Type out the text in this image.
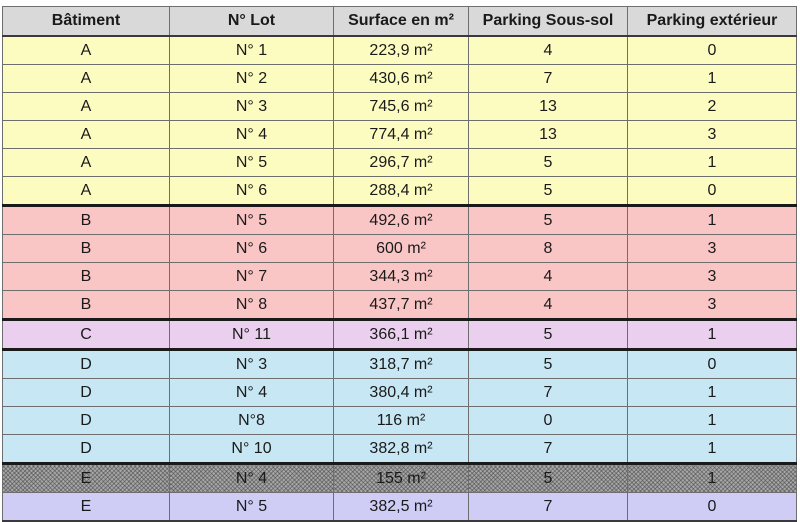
Bâtiment	N° Lot	Surface en m²	Parking Sous-sol	Parking extérieur
A	N° 1	223,9 m²	4	0
A	N° 2	430,6 m²	7	1
A	N° 3	745,6 m²	13	2
A	N° 4	774,4 m²	13	3
A	N° 5	296,7 m²	5	1
A	N° 6	288,4 m²	5	0
B	N° 5	492,6 m²	5	1
B	N° 6	600 m²	8	3
B	N° 7	344,3 m²	4	3
B	N° 8	437,7 m²	4	3
C	N° 11	366,1 m²	5	1
D	N° 3	318,7 m²	5	0
D	N° 4	380,4 m²	7	1
D	N°8	116 m²	0	1
D	N° 10	382,8 m²	7	1
E	N° 4	155 m²	5	1
E	N° 5	382,5 m²	7	0
